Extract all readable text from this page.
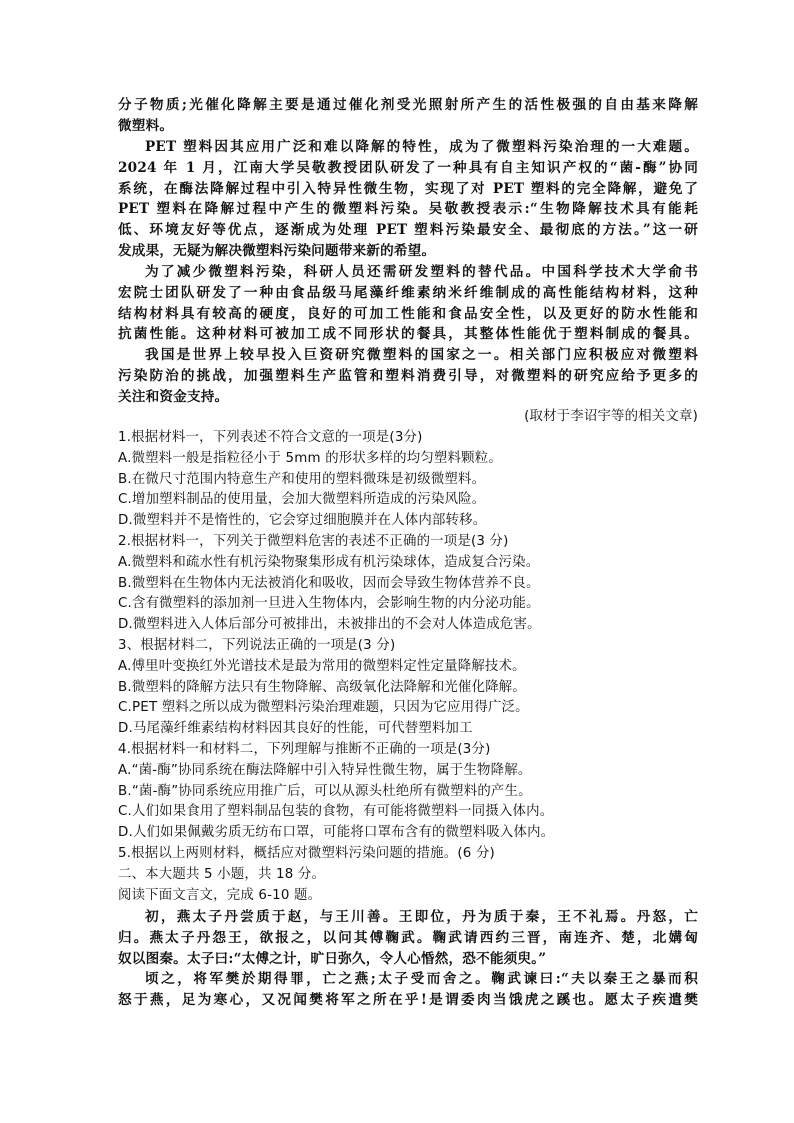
分子物质;光催化降解主要是通过催化剂受光照射所产生的活性极强的自由基来降解
微塑料。
PET 塑料因其应用广泛和难以降解的特性，成为了微塑料污染治理的一大难题。
2024 年 1 月，江南大学吴敬教授团队研发了一种具有自主知识产权的“菌-酶”协同
系统，在酶法降解过程中引入特异性微生物，实现了对 PET 塑料的完全降解，避免了
PET 塑料在降解过程中产生的微塑料污染。吴敬教授表示:“生物降解技术具有能耗
低、环境友好等优点，逐渐成为处理 PET 塑料污染最安全、最彻底的方法。”这一研
发成果，无疑为解决微塑料污染问题带来新的希望。
为了减少微塑料污染，科研人员还需研发塑料的替代品。中国科学技术大学俞书
宏院士团队研发了一种由食品级马尾藻纤维素纳米纤维制成的高性能结构材料，这种
结构材料具有较高的硬度，良好的可加工性能和食品安全性，以及更好的防水性能和
抗菌性能。这种材料可被加工成不同形状的餐具，其整体性能优于塑料制成的餐具。
我国是世界上较早投入巨资研究微塑料的国家之一。相关部门应积极应对微塑料
污染防治的挑战，加强塑料生产监管和塑料消费引导，对微塑料的研究应给予更多的
关注和资金支持。
(取材于李诏宇等的相关文章)
1.根据材料一，下列表述不符合文意的一项是(3分)
A.微塑料一般是指粒径小于 5mm 的形状多样的均匀塑料颗粒。
B.在微尺寸范围内特意生产和使用的塑料微珠是初级微塑料。
C.增加塑料制品的使用量，会加大微塑料所造成的污染风险。
D.微塑料并不是惰性的，它会穿过细胞膜并在人体内部转移。
2.根据材料一，下列关于微塑料危害的表述不正确的一项是(3 分)
A.微塑料和疏水性有机污染物聚集形成有机污染球体，造成复合污染。
B.微塑料在生物体内无法被消化和吸收，因而会导致生物体营养不良。
C.含有微塑料的添加剂一旦进入生物体内，会影响生物的内分泌功能。
D.微塑料进入人体后部分可被排出，未被排出的不会对人体造成危害。
3、根据材料二，下列说法正确的一项是(3 分)
A.傅里叶变换红外光谱技术是最为常用的微塑料定性定量降解技术。
B.微塑料的降解方法只有生物降解、高级氧化法降解和光催化降解。
C.PET 塑料之所以成为微塑料污染治理难题，只因为它应用得广泛。
D.马尾藻纤维素结构材料因其良好的性能，可代替塑料加工
4.根据材料一和材料二，下列理解与推断不正确的一项是(3分)
A.“菌-酶”协同系统在酶法降解中引入特异性微生物，属于生物降解。
B.“菌-酶”协同系统应用推广后，可以从源头杜绝所有微塑料的产生。
C.人们如果食用了塑料制品包装的食物，有可能将微塑料一同摄入体内。
D.人们如果佩戴劣质无纺布口罩，可能将口罩布含有的微塑料吸入体内。
5.根据以上两则材料，概括应对微塑料污染问题的措施。(6 分)
二、本大题共 5 小题，共 18 分。
阅读下面文言文，完成 6-10 题。
初，燕太子丹尝质于赵，与王川善。王即位，丹为质于秦，王不礼焉。丹怒，亡
归。燕太子丹怨王，欲报之，以问其傅鞠武。鞠武请西约三晋，南连齐、楚，北媾匈
奴以图秦。太子曰:“太傅之计，旷日弥久，令人心惛然，恐不能须臾。”
顷之，将军樊於期得罪，亡之燕;太子受而舍之。鞠武谏曰:“夫以秦王之暴而积
怒于燕，足为寒心，又况闻樊将军之所在乎!是谓委肉当饿虎之蹊也。愿太子疾遣樊
